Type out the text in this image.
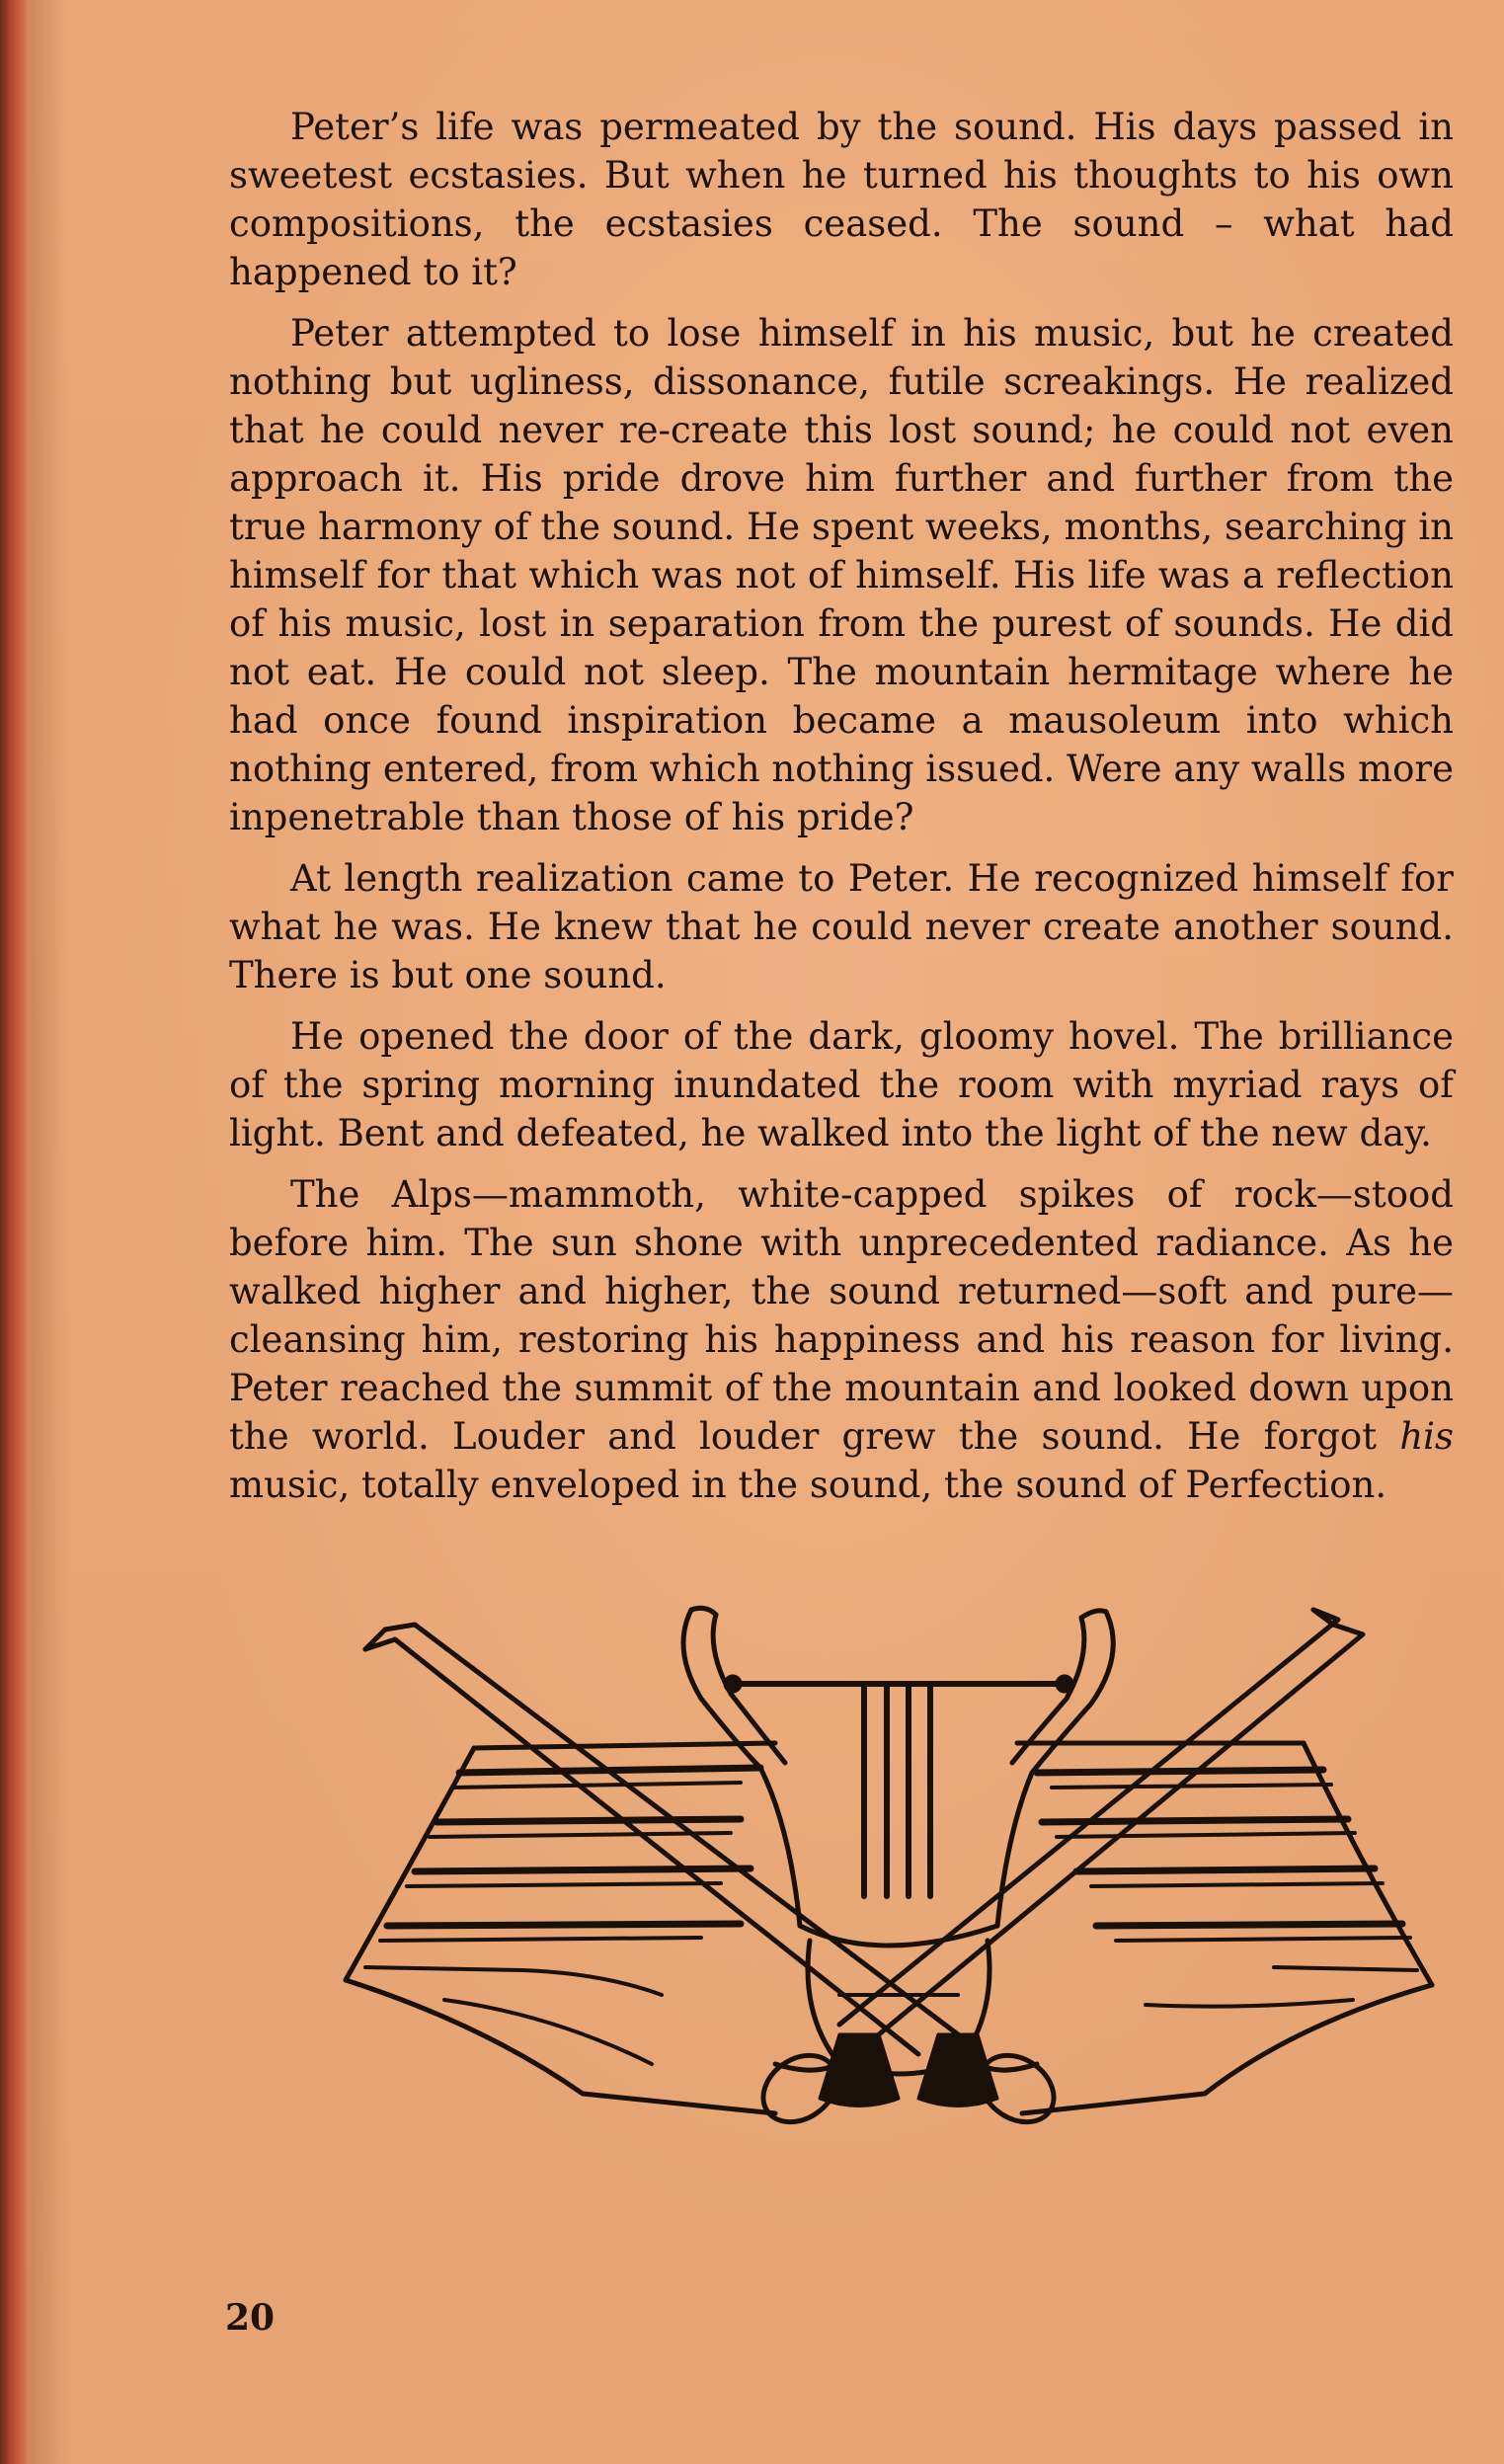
Peter’s life was permeated by the sound. His days passed in sweetest ecstasies. But when he turned his thoughts to his own compositions, the ecstasies ceased. The sound – what had happened to it?

Peter attempted to lose himself in his music, but he created nothing but ugliness, dissonance, futile screakings. He realized that he could never re-create this lost sound; he could not even approach it. His pride drove him further and further from the true harmony of the sound. He spent weeks, months, searching in himself for that which was not of himself. His life was a reflection of his music, lost in separation from the purest of sounds. He did not eat. He could not sleep. The mountain hermitage where he had once found inspiration became a mausoleum into which nothing entered, from which nothing issued. Were any walls more inpenetrable than those of his pride?

At length realization came to Peter. He recognized himself for what he was. He knew that he could never create another sound. There is but one sound.

He opened the door of the dark, gloomy hovel. The brilliance of the spring morning inundated the room with myriad rays of light. Bent and defeated, he walked into the light of the new day.

The Alps—mammoth, white-capped spikes of rock—stood before him. The sun shone with unprecedented radiance. As he walked higher and higher, the sound returned—soft and pure—cleansing him, restoring his happiness and his reason for living. Peter reached the summit of the mountain and looked down upon the world. Louder and louder grew the sound. He forgot his music, totally enveloped in the sound, the sound of Perfection.

20
